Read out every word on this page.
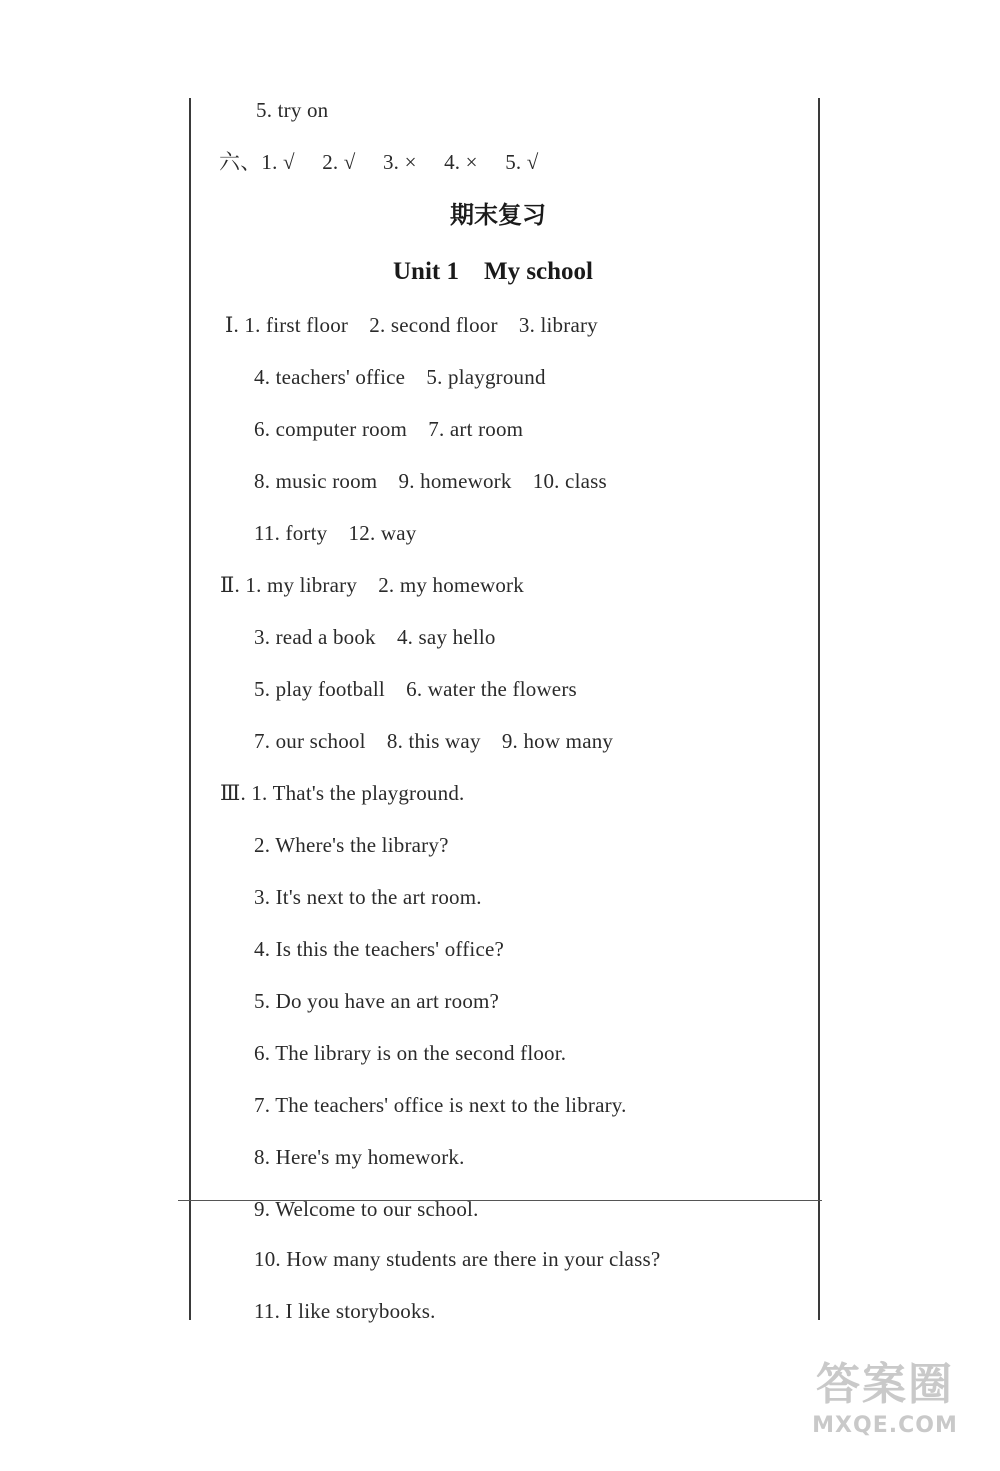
5. try on
六、1. √ 2. √ 3. × 4. × 5. √
期末复习
Unit 1　My school
Ⅰ. 1. first floor　2. second floor　3. library
4. teachers' office　5. playground
6. computer room　7. art room
8. music room　9. homework　10. class
11. forty　12. way
Ⅱ. 1. my library　2. my homework
3. read a book　4. say hello
5. play football　6. water the flowers
7. our school　8. this way　9. how many
Ⅲ. 1. That's the playground.
2. Where's the library?
3. It's next to the art room.
4. Is this the teachers' office?
5. Do you have an art room?
6. The library is on the second floor.
7. The teachers' office is next to the library.
8. Here's my homework.
9. Welcome to our school.
10. How many students are there in your class?
11. I like storybooks.
答案圈
MXQE.COM
